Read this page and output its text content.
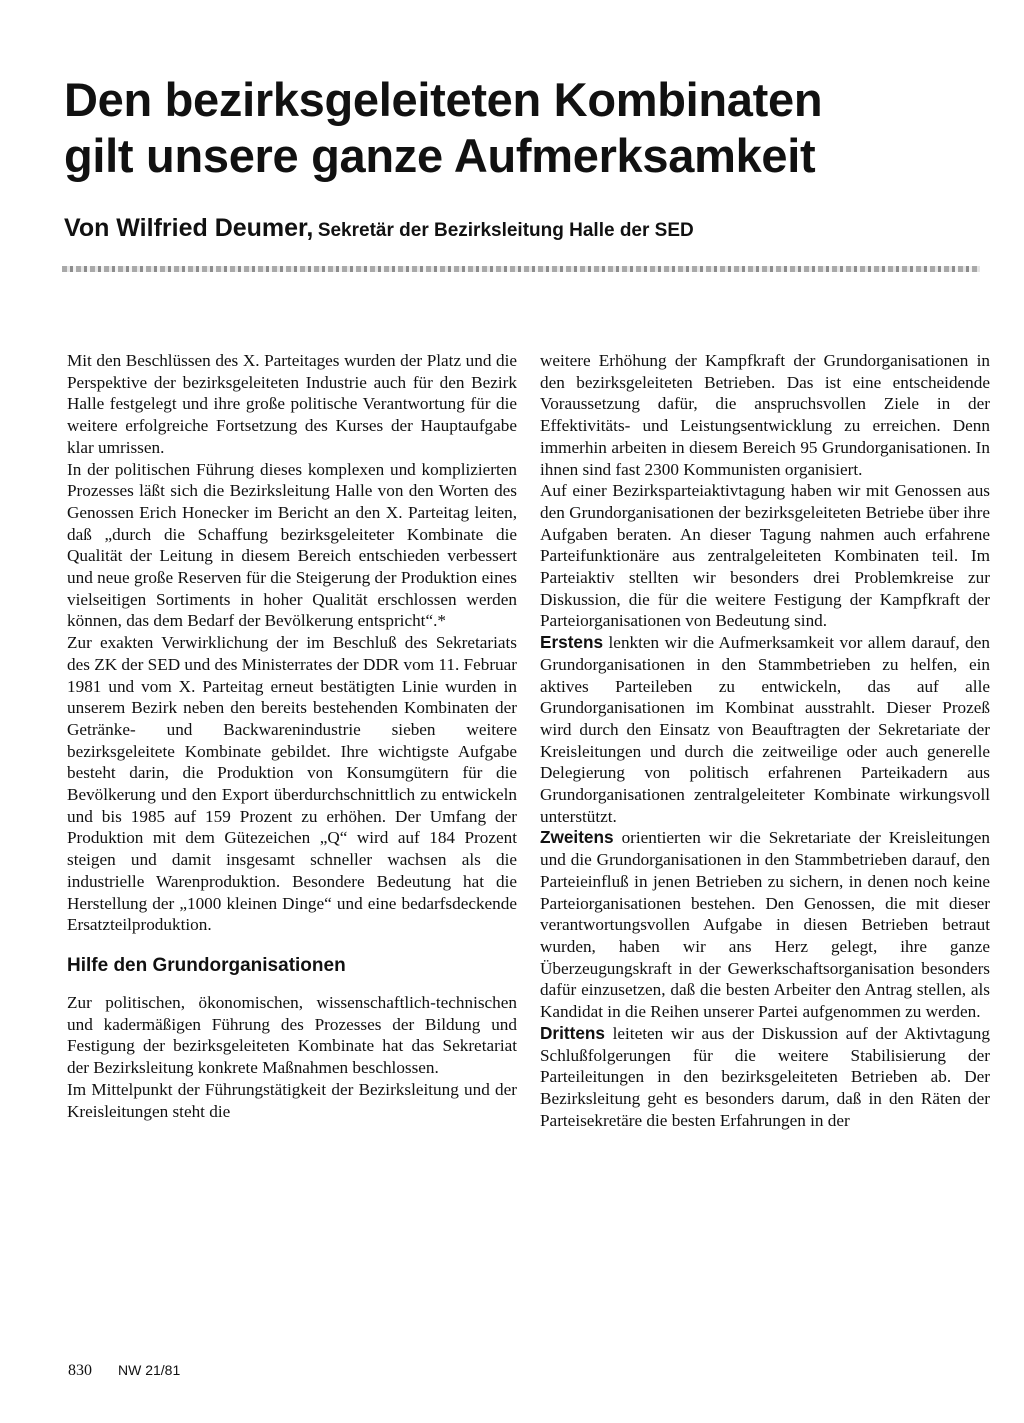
Den bezirksgeleiteten Kombinaten
gilt unsere ganze Aufmerksamkeit
Von Wilfried Deumer, Sekretär der Bezirksleitung Halle der SED

Mit den Beschlüssen des X. Parteitages wurden der Platz und die Perspektive der bezirksgeleiteten Industrie auch für den Bezirk Halle festgelegt und ihre große politische Verantwortung für die weitere erfolgreiche Fortsetzung des Kurses der Hauptaufgabe klar umrissen.

In der politischen Führung dieses komplexen und komplizierten Prozesses läßt sich die Bezirksleitung Halle von den Worten des Genossen Erich Honecker im Bericht an den X. Parteitag leiten, daß „durch die Schaffung bezirksgeleiteter Kombinate die Qualität der Leitung in diesem Bereich entschieden verbessert und neue große Reserven für die Steigerung der Produktion eines vielseitigen Sortiments in hoher Qualität erschlossen werden können, das dem Bedarf der Bevölkerung entspricht“.*

Zur exakten Verwirklichung der im Beschluß des Sekretariats des ZK der SED und des Ministerrates der DDR vom 11. Februar 1981 und vom X. Parteitag erneut bestätigten Linie wurden in unserem Bezirk neben den bereits bestehenden Kombinaten der Getränke- und Backwarenindustrie sieben weitere bezirksgeleitete Kombinate gebildet. Ihre wichtigste Aufgabe besteht darin, die Produktion von Konsumgütern für die Bevölkerung und den Export überdurchschnittlich zu entwickeln und bis 1985 auf 159 Prozent zu erhöhen. Der Umfang der Produktion mit dem Gütezeichen „Q“ wird auf 184 Prozent steigen und damit insgesamt schneller wachsen als die industrielle Warenproduktion. Besondere Bedeutung hat die Herstellung der „1000 kleinen Dinge“ und eine bedarfsdeckende Ersatzteilproduktion.

Hilfe den Grundorganisationen

Zur politischen, ökonomischen, wissenschaftlich-technischen und kadermäßigen Führung des Prozesses der Bildung und Festigung der bezirksgeleiteten Kombinate hat das Sekretariat der Bezirksleitung konkrete Maßnahmen beschlossen.

Im Mittelpunkt der Führungstätigkeit der Bezirksleitung und der Kreisleitungen steht die

weitere Erhöhung der Kampfkraft der Grundorganisationen in den bezirksgeleiteten Betrieben. Das ist eine entscheidende Voraussetzung dafür, die anspruchsvollen Ziele in der Effektivitäts- und Leistungsentwicklung zu erreichen. Denn immerhin arbeiten in diesem Bereich 95 Grundorganisationen. In ihnen sind fast 2300 Kommunisten organisiert.

Auf einer Bezirksparteiaktivtagung haben wir mit Genossen aus den Grundorganisationen der bezirksgeleiteten Betriebe über ihre Aufgaben beraten. An dieser Tagung nahmen auch erfahrene Parteifunktionäre aus zentralgeleiteten Kombinaten teil. Im Parteiaktiv stellten wir besonders drei Problemkreise zur Diskussion, die für die weitere Festigung der Kampfkraft der Parteiorganisationen von Bedeutung sind.

Erstens lenkten wir die Aufmerksamkeit vor allem darauf, den Grundorganisationen in den Stammbetrieben zu helfen, ein aktives Parteileben zu entwickeln, das auf alle Grundorganisationen im Kombinat ausstrahlt. Dieser Prozeß wird durch den Einsatz von Beauftragten der Sekretariate der Kreisleitungen und durch die zeitweilige oder auch generelle Delegierung von politisch erfahrenen Parteikadern aus Grundorganisationen zentralgeleiteter Kombinate wirkungsvoll unterstützt.

Zweitens orientierten wir die Sekretariate der Kreisleitungen und die Grundorganisationen in den Stammbetrieben darauf, den Parteieinfluß in jenen Betrieben zu sichern, in denen noch keine Parteiorganisationen bestehen. Den Genossen, die mit dieser verantwortungsvollen Aufgabe in diesen Betrieben betraut wurden, haben wir ans Herz gelegt, ihre ganze Überzeugungskraft in der Gewerkschaftsorganisation besonders dafür einzusetzen, daß die besten Arbeiter den Antrag stellen, als Kandidat in die Reihen unserer Partei aufgenommen zu werden.

Drittens leiteten wir aus der Diskussion auf der Aktivtagung Schlußfolgerungen für die weitere Stabilisierung der Parteileitungen in den bezirksgeleiteten Betrieben ab. Der Bezirksleitung geht es besonders darum, daß in den Räten der Parteisekretäre die besten Erfahrungen in der

830 NW 21/81
